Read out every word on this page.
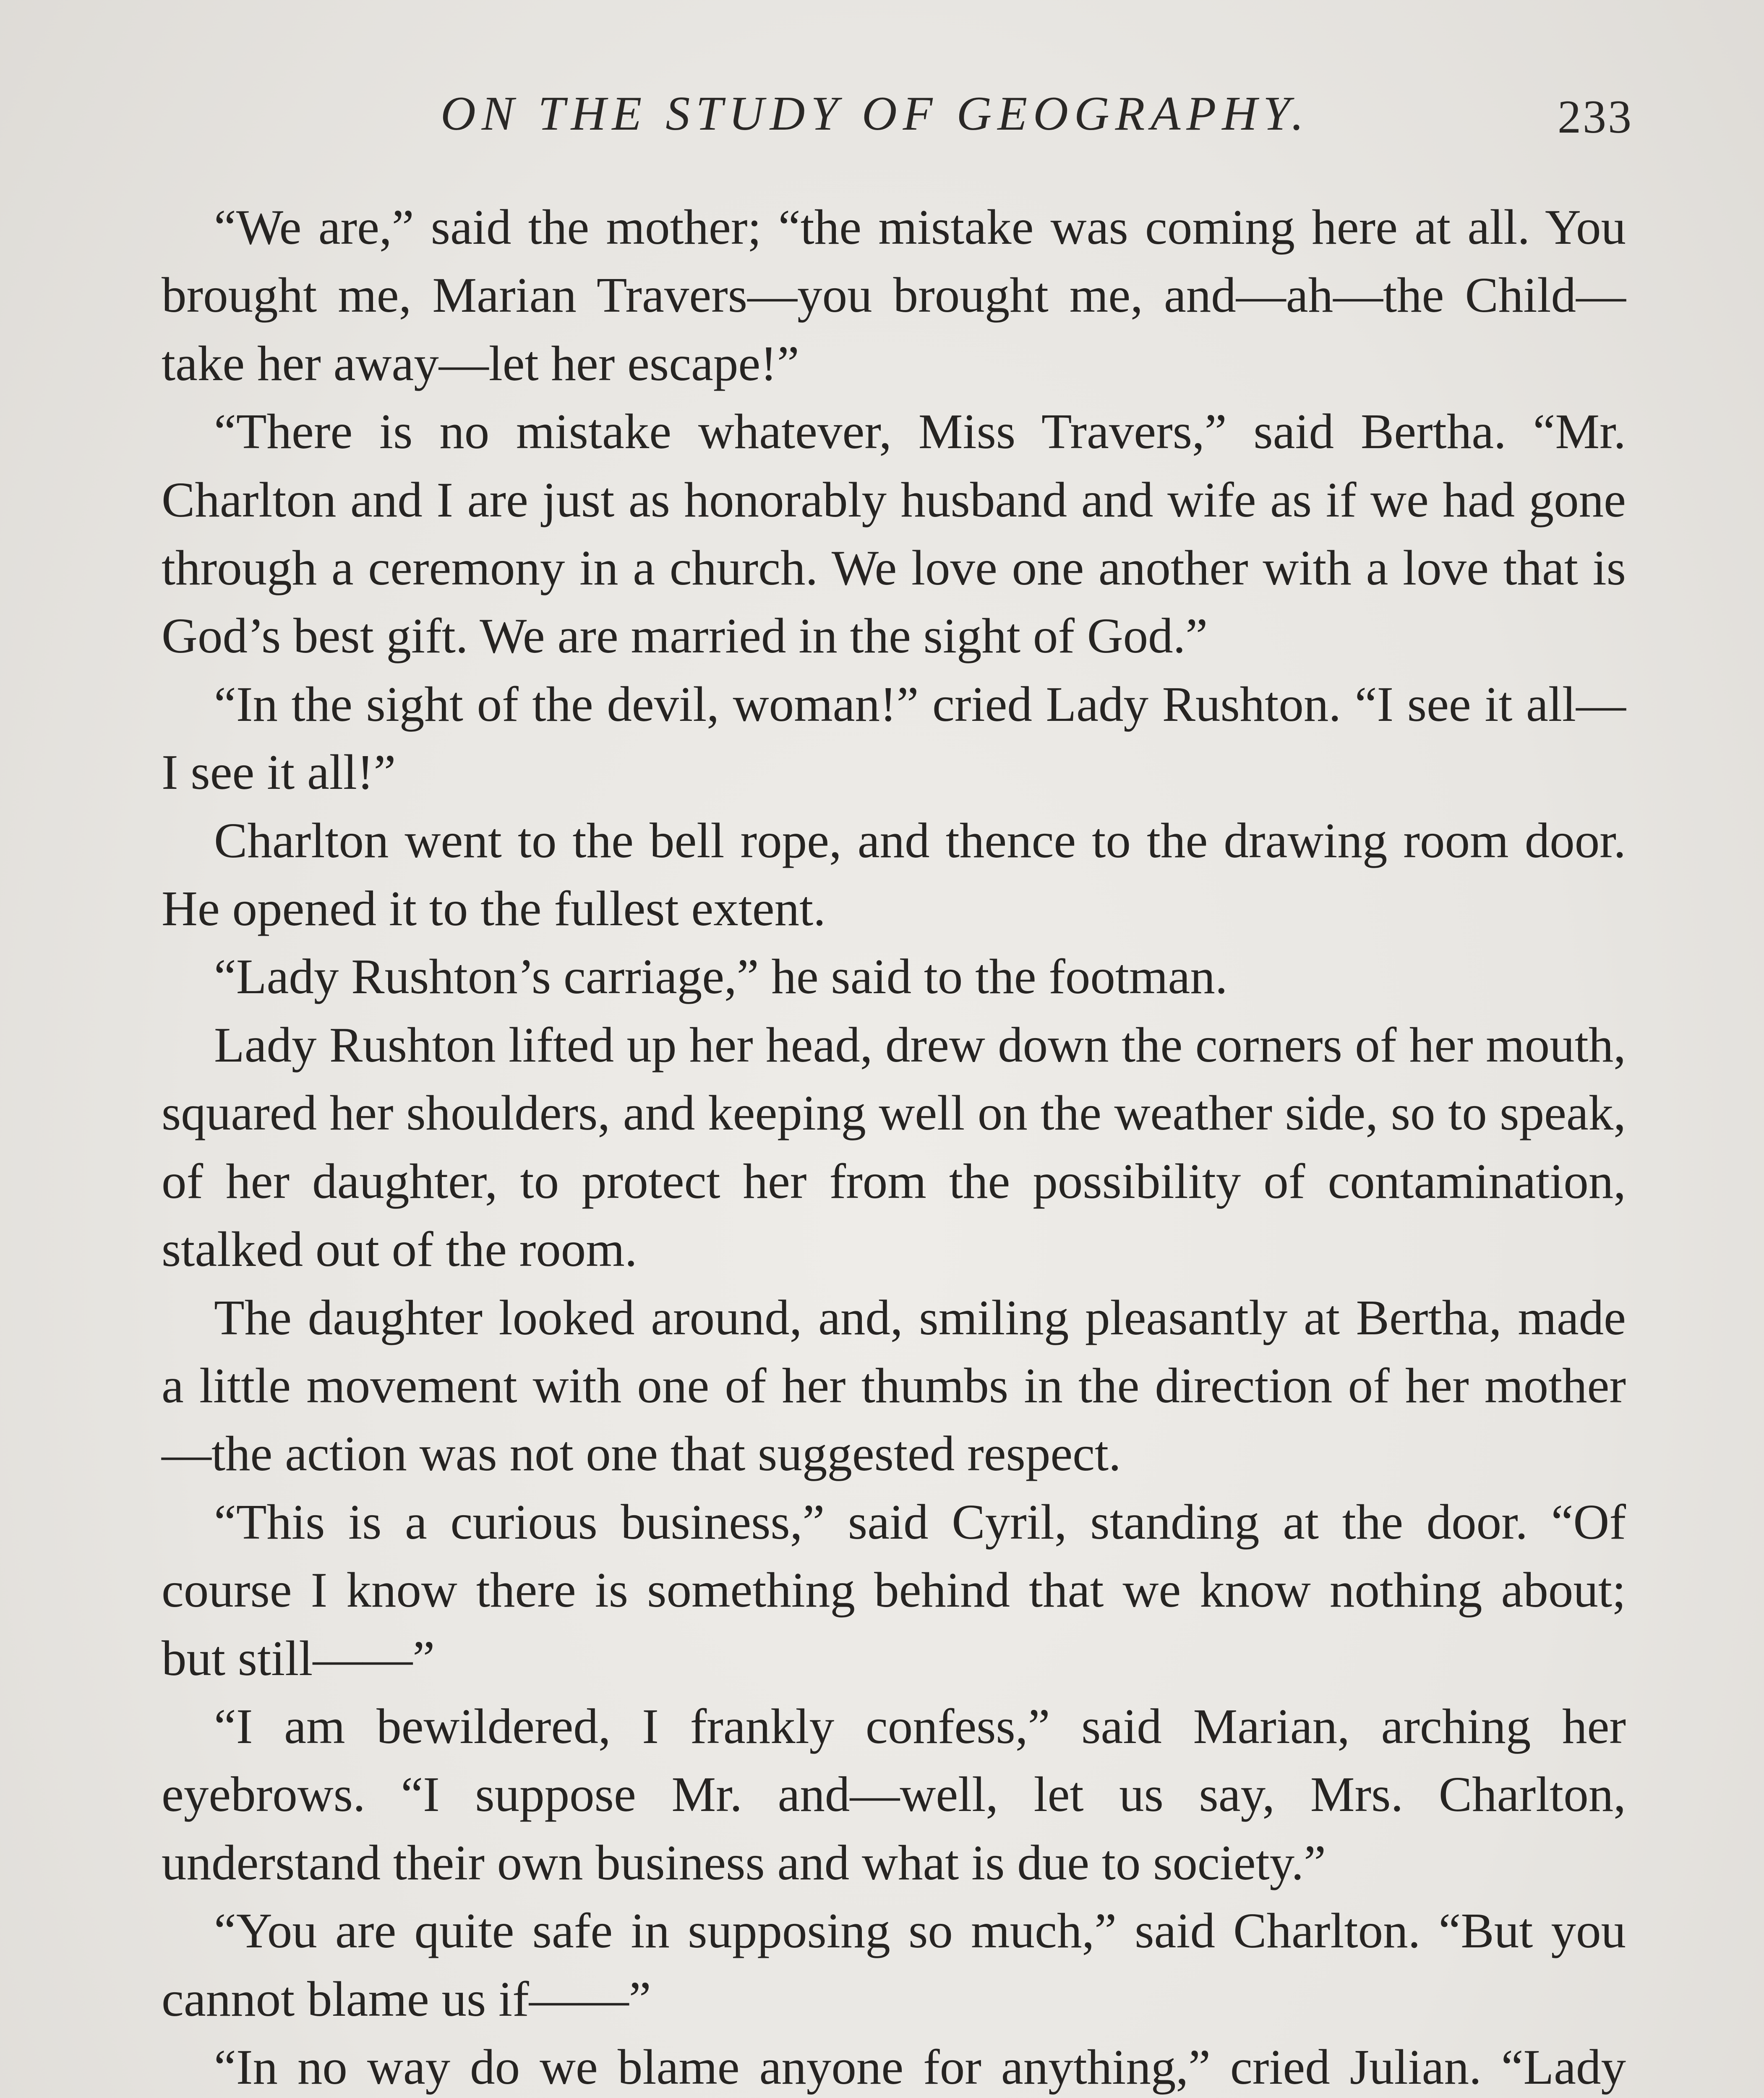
ON THE STUDY OF GEOGRAPHY.	233

“We are,” said the mother; “the mistake was coming here at all. You brought me, Marian Travers—you brought me, and—ah—the Child—take her away—let her escape!”

“There is no mistake whatever, Miss Travers,” said Bertha. “Mr. Charlton and I are just as honorably husband and wife as if we had gone through a ceremony in a church. We love one another with a love that is God’s best gift. We are married in the sight of God.”

“In the sight of the devil, woman!” cried Lady Rushton. “I see it all—I see it all!”

Charlton went to the bell rope, and thence to the drawing room door. He opened it to the fullest extent.

“Lady Rushton’s carriage,” he said to the footman.

Lady Rushton lifted up her head, drew down the corners of her mouth, squared her shoulders, and keeping well on the weather side, so to speak, of her daughter, to protect her from the possibility of contamination, stalked out of the room.

The daughter looked around, and, smiling pleasantly at Bertha, made a little movement with one of her thumbs in the direction of her mother—the action was not one that suggested respect.

“This is a curious business,” said Cyril, standing at the door. “Of course I know there is something behind that we know nothing about; but still——”

“I am bewildered, I frankly confess,” said Marian, arching her eyebrows. “I suppose Mr. and—well, let us say, Mrs. Charlton, understand their own business and what is due to society.”

“You are quite safe in supposing so much,” said Charlton. “But you cannot blame us if——”

“In no way do we blame anyone for anything,” cried Julian. “Lady
